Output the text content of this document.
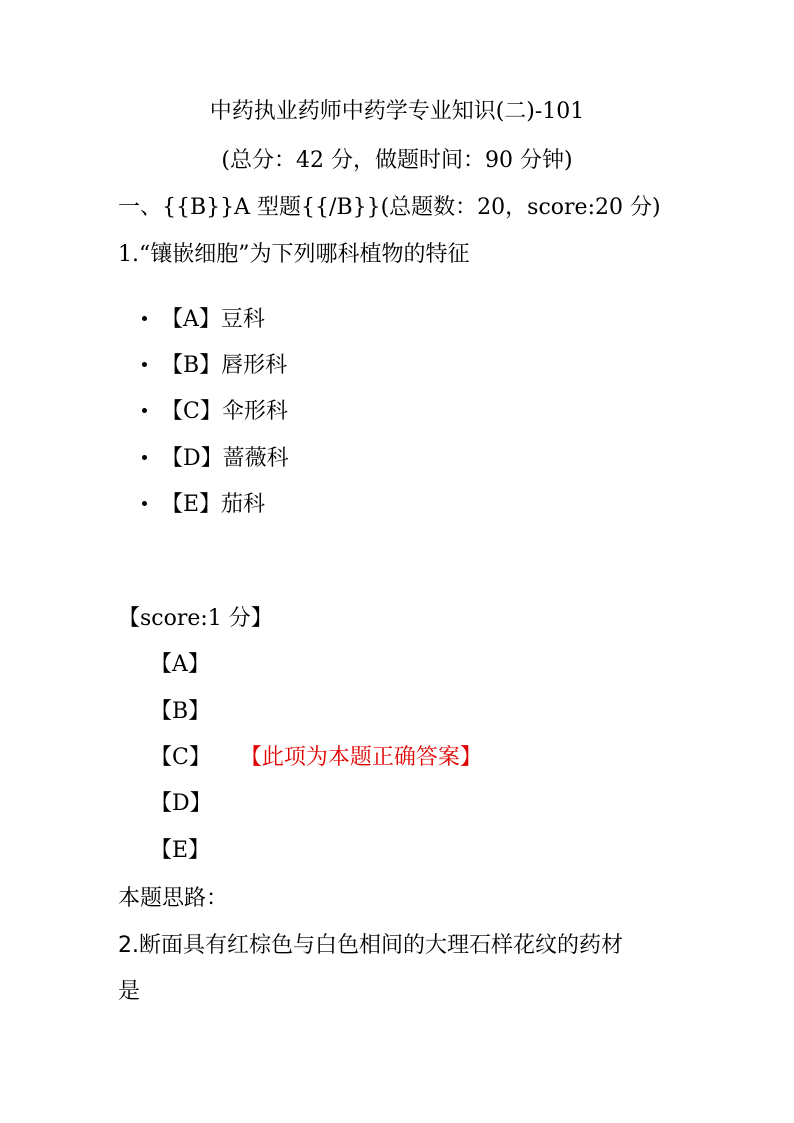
中药执业药师中药学专业知识(二)-101
(总分：42 分，做题时间：90 分钟)
一、{{B}}A 型题{{/B}}(总题数：20，score:20 分)
1.“镶嵌细胞”为下列哪科植物的特征
【A】豆科
【B】唇形科
【C】伞形科
【D】蔷薇科
【E】茄科
【score:1 分】
【A】
【B】
【C】 【此项为本题正确答案】
【D】
【E】
本题思路：
2.断面具有红棕色与白色相间的大理石样花纹的药材
是
